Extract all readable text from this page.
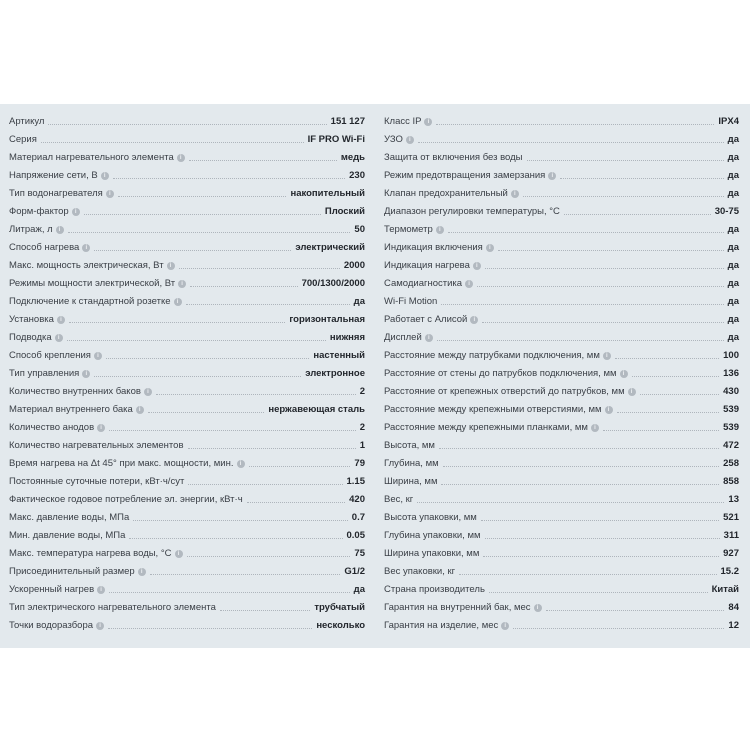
Артикул	151 127
Серия	IF PRO Wi-Fi
Материал нагревательного элемента	i	медь
Напряжение сети, В	i	230
Тип водонагревателя	i	накопительный
Форм-фактор	i	Плоский
Литраж, л	i	50
Способ нагрева	i	электрический
Макс. мощность электрическая, Вт	i	2000
Режимы мощности электрической, Вт	i	700/1300/2000
Подключение к стандартной розетке	i	да
Установка	i	горизонтальная
Подводка	i	нижняя
Способ крепления	i	настенный
Тип управления	i	электронное
Количество внутренних баков	i	2
Материал внутреннего бака	i	нержавеющая сталь
Количество анодов	i	2
Количество нагревательных элементов	1
Время нагрева на Δt 45° при макс. мощности, мин.	i	79
Постоянные суточные потери, кВт·ч/сут	1.15
Фактическое годовое потребление эл. энергии, кВт·ч	420
Макс. давление воды, МПа	0.7
Мин. давление воды, МПа	0.05
Макс. температура нагрева воды, °С	i	75
Присоединительный размер	i	G1/2
Ускоренный нагрев	i	да
Тип электрического нагревательного элемента	трубчатый
Точки водоразбора	i	несколько
Класс IP	i	IPX4
УЗО	i	да
Защита от включения без воды	да
Режим предотвращения замерзания	i	да
Клапан предохранительный	i	да
Диапазон регулировки температуры, °С	30-75
Термометр	i	да
Индикация включения	i	да
Индикация нагрева	i	да
Самодиагностика	i	да
Wi-Fi Motion	да
Работает с Алисой	i	да
Дисплей	i	да
Расстояние между патрубками подключения, мм	i	100
Расстояние от стены до патрубков подключения, мм	i	136
Расстояние от крепежных отверстий до патрубков, мм	i	430
Расстояние между крепежными отверстиями, мм	i	539
Расстояние между крепежными планками, мм	i	539
Высота, мм	472
Глубина, мм	258
Ширина, мм	858
Вес, кг	13
Высота упаковки, мм	521
Глубина упаковки, мм	311
Ширина упаковки, мм	927
Вес упаковки, кг	15.2
Страна производитель	Китай
Гарантия на внутренний бак, мес	i	84
Гарантия на изделие, мес	i	12
